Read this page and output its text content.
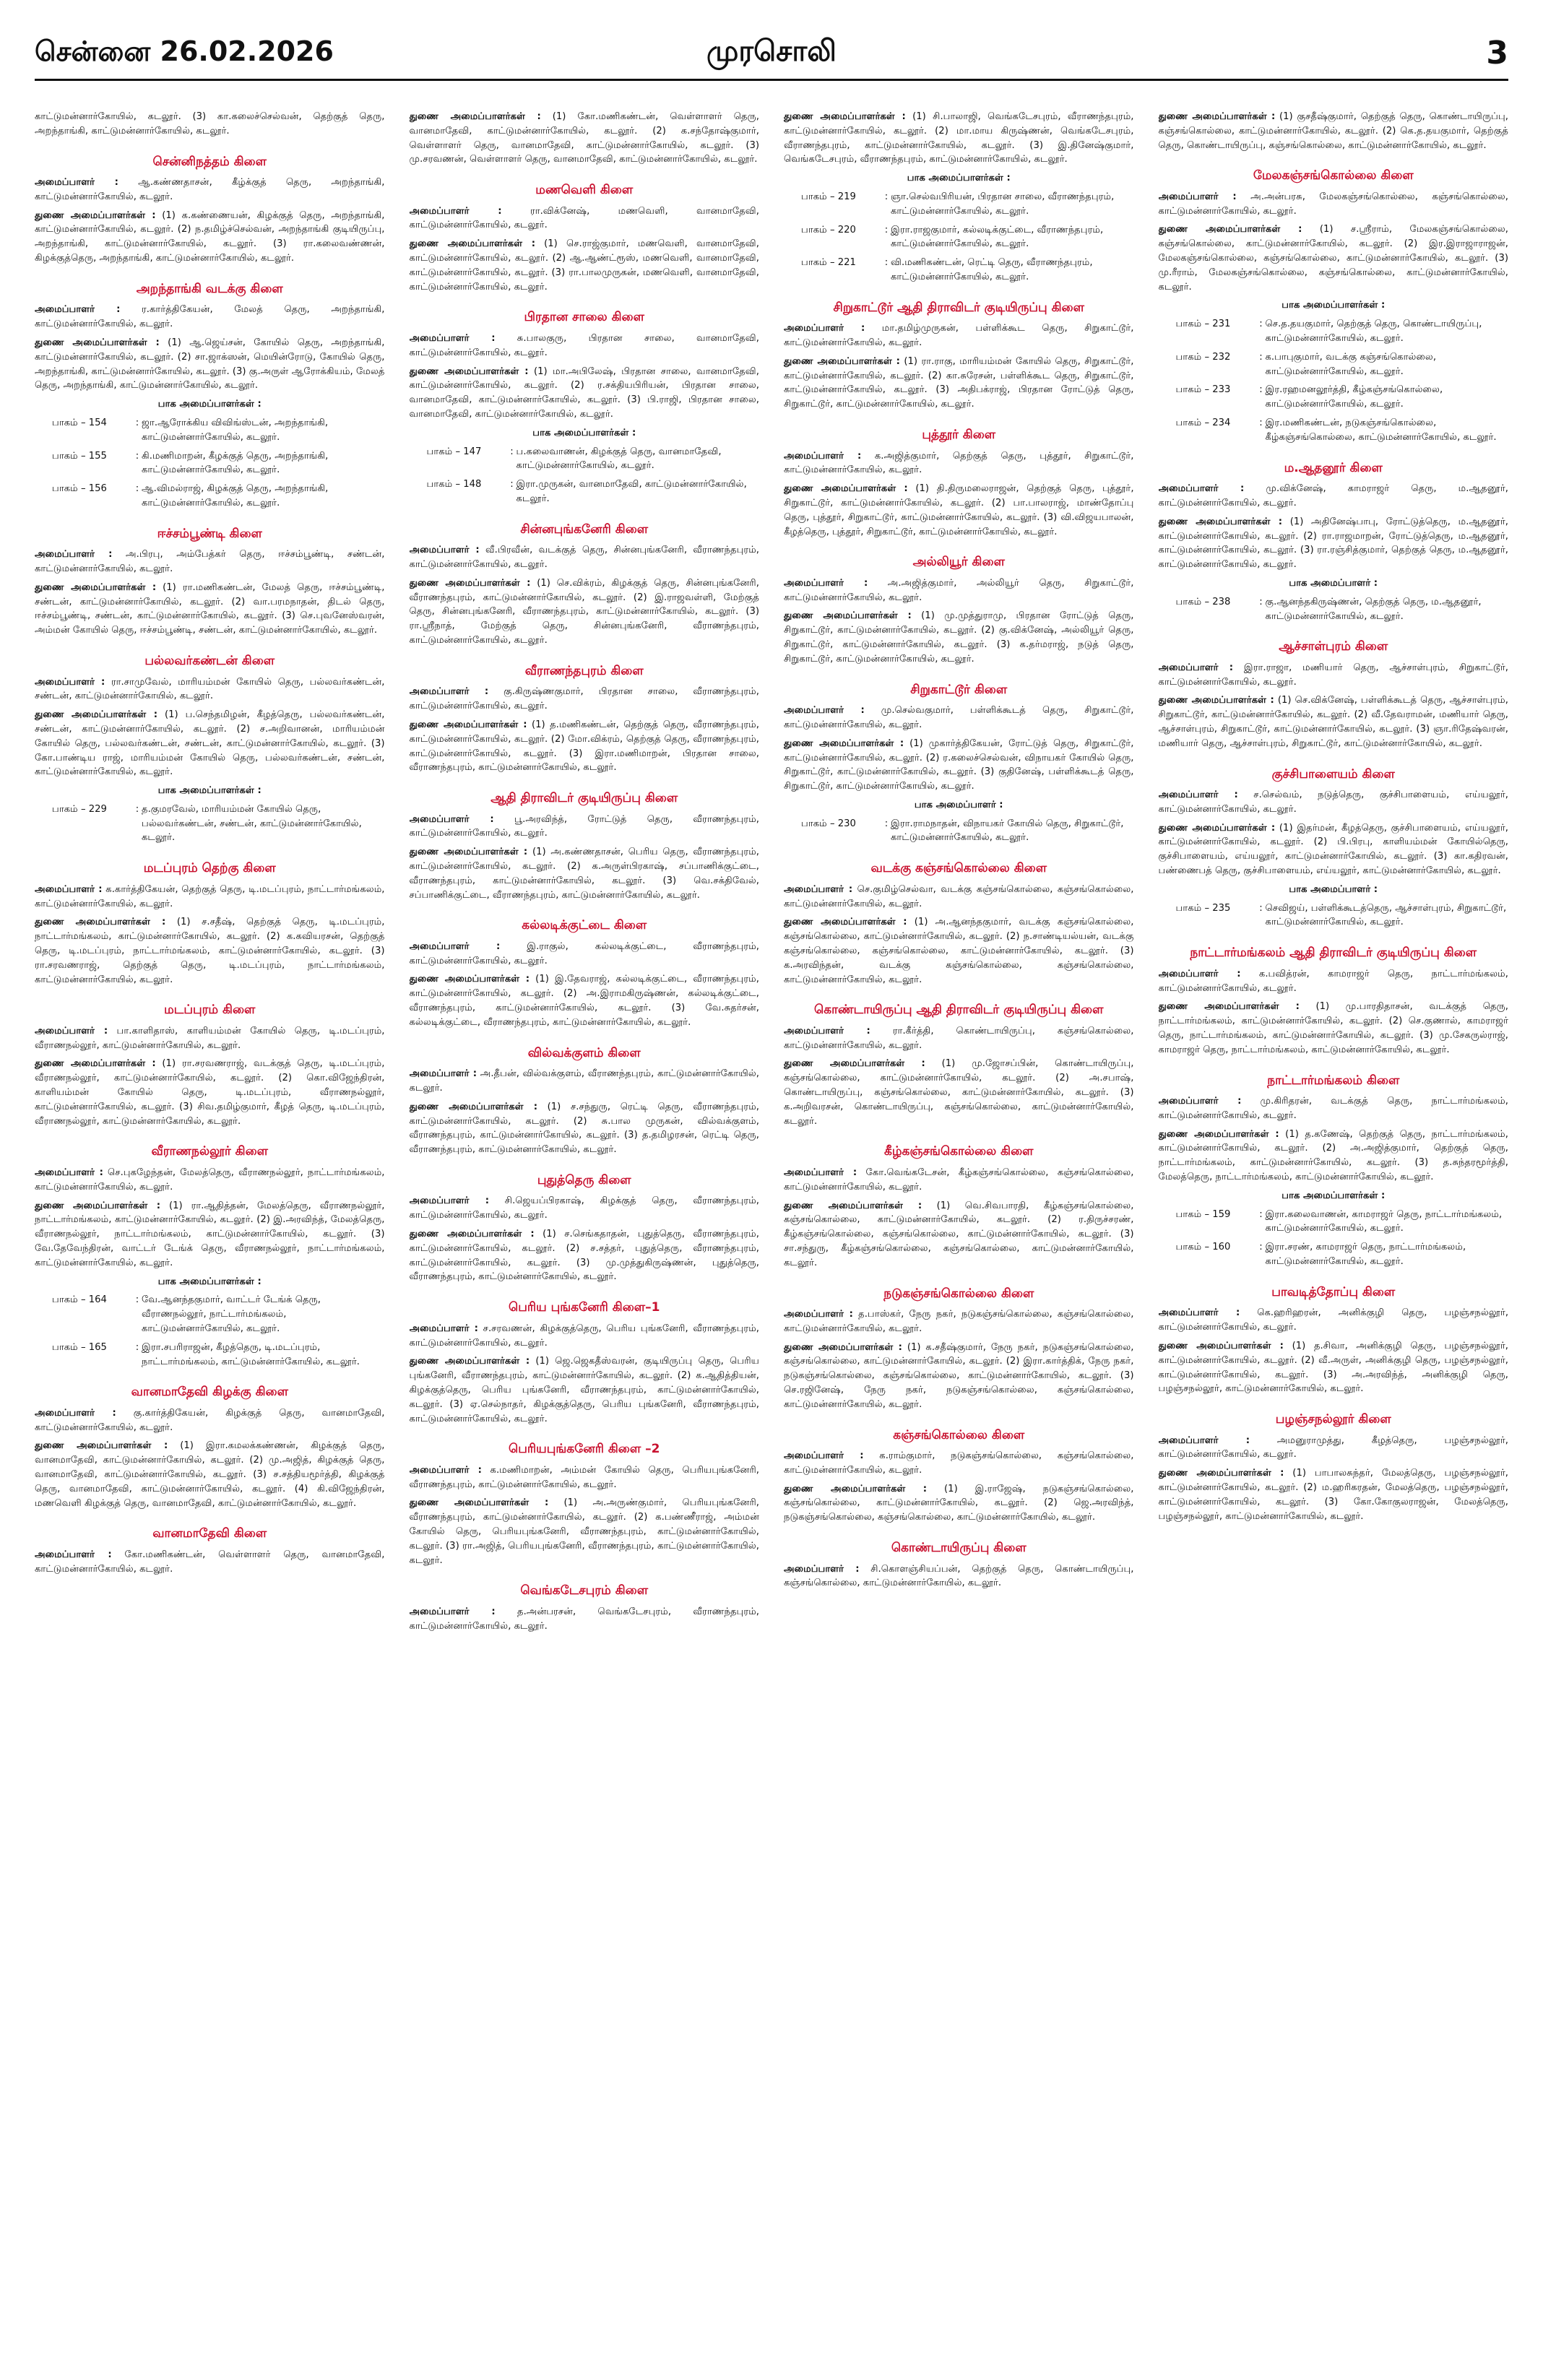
சென்னை 26.02.2026	முரசொலி	3

காட்டுமன்னார்கோயில், கடலூர். (3) கா.கலைச்செல்வன், தெற்குத் தெரு, அறந்தாங்கி, காட்டுமன்னார்கோயில், கடலூர்.

சென்னிநத்தம் கிளை

அமைப்பாளர் : ஆ.கண்ணதாசன், கீழ்க்குத் தெரு, அறந்தாங்கி, காட்டுமன்னார்கோயில், கடலூர்.

துணை அமைப்பாளர்கள் : (1) க.கண்ணையன், கிழக்குத் தெரு, அறந்தாங்கி, காட்டுமன்னார்கோயில், கடலூர். (2) ந.தமிழ்ச்செல்வன், அறந்தாங்கி குடியிருப்பு, அறந்தாங்கி, காட்டுமன்னார்கோயில், கடலூர். (3) ரா.கலைவண்ணன், கிழக்குத்தெரு, அறந்தாங்கி, காட்டுமன்னார்கோயில், கடலூர்.

அறந்தாங்கி வடக்கு கிளை

அமைப்பாளர் : ர.கார்த்திகேயன், மேலத் தெரு, அறந்தாங்கி, காட்டுமன்னார்கோயில், கடலூர்.

துணை அமைப்பாளர்கள் : (1) ஆ.ஜெய்சன், கோயில் தெரு, அறந்தாங்கி, காட்டுமன்னார்கோயில், கடலூர். (2) சா.ஜாக்ஸன், மெயின்ரோடு, கோயில் தெரு, அறந்தாங்கி, காட்டுமன்னார்கோயில், கடலூர். (3) கு.அருள் ஆரோக்கியம், மேலத் தெரு, அறந்தாங்கி, காட்டுமன்னார்கோயில், கடலூர்.

பாக அமைப்பாளர்கள் :
பாகம் – 154	: ஜா.ஆரோக்கிய விவிங்ஸ்டன், அறந்தாங்கி, காட்டுமன்னார்கோயில், கடலூர்.
பாகம் – 155	: கி.மணிமாறன், கீழக்குத் தெரு, அறந்தாங்கி, காட்டுமன்னார்கோயில், கடலூர்.
பாகம் – 156	: ஆ.விமல்ராஜ், கிழக்குத் தெரு, அறந்தாங்கி, காட்டுமன்னார்கோயில், கடலூர்.
ஈச்சம்பூண்டி கிளை

அமைப்பாளர் : அ.பிரபு, அம்பேத்கர் தெரு, ஈச்சம்பூண்டி, சண்டன், காட்டுமன்னார்கோயில், கடலூர்.

துணை அமைப்பாளர்கள் : (1) ரா.மணிகண்டன், மேலத் தெரு, ஈச்சம்பூண்டி, சண்டன், காட்டுமன்னார்கோயில், கடலூர். (2) வா.பரமநாதன், திடல் தெரு, ஈச்சம்பூண்டி, சண்டன், காட்டுமன்னார்கோயில், கடலூர். (3) செ.புவனேஸ்வரன், அம்மன் கோயில் தெரு, ஈச்சம்பூண்டி, சண்டன், காட்டுமன்னார்கோயில், கடலூர்.

பல்லவர்கண்டன் கிளை

அமைப்பாளர் : ரா.சாமுவேல், மாரியம்மன் கோயில் தெரு, பல்லவர்கண்டன், சண்டன், காட்டுமன்னார்கோயில், கடலூர்.

துணை அமைப்பாளர்கள் : (1) ப.செந்தமிழன், கீழத்தெரு, பல்லவர்கண்டன், சண்டன், காட்டுமன்னார்கோயில், கடலூர். (2) ச.அறிவானன், மாரியம்மன் கோயில் தெரு, பல்லவர்கண்டன், சண்டன், காட்டுமன்னார்கோயில், கடலூர். (3) கோ.பாண்டிய ராஜ், மாரியம்மன் கோயில் தெரு, பல்லவர்கண்டன், சண்டன், காட்டுமன்னார்கோயில், கடலூர்.

பாக அமைப்பாளர்கள் :
பாகம் – 229	: த.குமரவேல், மாரியம்மன் கோயில் தெரு, பல்லவர்கண்டன், சண்டன், காட்டுமன்னார்கோயில், கடலூர்.
மடப்புரம் தெற்கு கிளை

அமைப்பாளர் : க.கார்த்திகேயன், தெற்குத் தெரு, டி.மடப்புரம், நாட்டார்மங்கலம், காட்டுமன்னார்கோயில், கடலூர்.

துணை அமைப்பாளர்கள் : (1) ச.சதீஷ், தெற்குத் தெரு, டி.மடப்புரம், நாட்டார்மங்கலம், காட்டுமன்னார்கோயில், கடலூர். (2) க.கவியரசன், தெற்குத் தெரு, டி.மடப்புரம், நாட்டார்மங்கலம், காட்டுமன்னார்கோயில், கடலூர். (3) ரா.சரவணராஜ், தெற்குத் தெரு, டி.மடப்புரம், நாட்டார்மங்கலம், காட்டுமன்னார்கோயில், கடலூர்.

மடப்புரம் கிளை

அமைப்பாளர் : பா.காளிதாஸ், காளியம்மன் கோயில் தெரு, டி.மடப்புரம், வீராணநல்லூர், காட்டுமன்னார்கோயில், கடலூர்.

துணை அமைப்பாளர்கள் : (1) ரா.சரவணராஜ், வடக்குத் தெரு, டி.மடப்புரம், வீராணநல்லூர், காட்டுமன்னார்கோயில், கடலூர். (2) கொ.விஜேந்திரன், காளியம்மன் கோயில் தெரு, டி.மடப்புரம், வீராணநல்லூர், காட்டுமன்னார்கோயில், கடலூர். (3) சிவ.தமிழ்குமார், கீழத் தெரு, டி.மடப்புரம், வீராணநல்லூர், காட்டுமன்னார்கோயில், கடலூர்.

வீராணநல்லூர் கிளை

அமைப்பாளர் : செ.புகழேந்தன், மேலத்தெரு, வீராணநல்லூர், நாட்டார்மங்கலம், காட்டுமன்னார்கோயில், கடலூர்.

துணை அமைப்பாளர்கள் : (1) ரா.ஆதித்தன், மேலத்தெரு, வீராணநல்லூர், நாட்டார்மங்கலம், காட்டுமன்னார்கோயில், கடலூர். (2) இ.அரவிந்த், மேலத்தெரு, வீராணநல்லூர், நாட்டார்மங்கலம், காட்டுமன்னார்கோயில், கடலூர். (3) வே.தேவேந்திரன், வாட்டர் டேங்க் தெரு, வீராணநல்லூர், நாட்டார்மங்கலம், காட்டுமன்னார்கோயில், கடலூர்.

பாக அமைப்பாளர்கள் :
பாகம் – 164	: வே.ஆனந்தகுமார், வாட்டர் டேங்க் தெரு, வீராணநல்லூர், நாட்டார்மங்கலம், காட்டுமன்னார்கோயில், கடலூர்.
பாகம் – 165	: இரா.சபரிராஜன், கீழத்தெரு, டி.மடப்புரம், நாட்டார்மங்கலம், காட்டுமன்னார்கோயில், கடலூர்.
வானமாதேவி கிழக்கு கிளை

அமைப்பாளர் : கு.கார்த்திகேயன், கிழக்குத் தெரு, வானமாதேவி, காட்டுமன்னார்கோயில், கடலூர்.

துணை அமைப்பாளர்கள் : (1) இரா.கமலக்கண்ணன், கிழக்குத் தெரு, வானமாதேவி, காட்டுமன்னார்கோயில், கடலூர். (2) மு.அஜித், கிழக்குத் தெரு, வானமாதேவி, காட்டுமன்னார்கோயில், கடலூர். (3) ச.சத்தியமூர்த்தி, கிழக்குத் தெரு, வானமாதேவி, காட்டுமன்னார்கோயில், கடலூர். (4) கி.விஜேந்திரன், மணவெளி கிழக்குத் தெரு, வானமாதேவி, காட்டுமன்னார்கோயில், கடலூர்.

வானமாதேவி கிளை

அமைப்பாளர் : கோ.மணிகண்டன், வெள்ளாளர் தெரு, வானமாதேவி, காட்டுமன்னார்கோயில், கடலூர்.

துணை அமைப்பாளர்கள் : (1) கோ.மணிகண்டன், வெள்ளாளர் தெரு, வானமாதேவி, காட்டுமன்னார்கோயில், கடலூர். (2) க.சந்தோஷ்குமார், வெள்ளாளர் தெரு, வானமாதேவி, காட்டுமன்னார்கோயில், கடலூர். (3) மு.சரவணன், வெள்ளாளர் தெரு, வானமாதேவி, காட்டுமன்னார்கோயில், கடலூர்.

மணவெளி கிளை

அமைப்பாளர் : ரா.விக்னேஷ், மணவெளி, வானமாதேவி, காட்டுமன்னார்கோயில், கடலூர்.

துணை அமைப்பாளர்கள் : (1) செ.ராஜ்குமார், மணவெளி, வானமாதேவி, காட்டுமன்னார்கோயில், கடலூர். (2) ஆ.ஆண்ட்ரூஸ், மணவெளி, வானமாதேவி, காட்டுமன்னார்கோயில், கடலூர். (3) ரா.பாலமுருகன், மணவெளி, வானமாதேவி, காட்டுமன்னார்கோயில், கடலூர்.

பிரதான சாலை கிளை

அமைப்பாளர் : சு.பாலகுரு, பிரதான சாலை, வானமாதேவி, காட்டுமன்னார்கோயில், கடலூர்.

துணை அமைப்பாளர்கள் : (1) மா.அபிலேஷ், பிரதான சாலை, வானமாதேவி, காட்டுமன்னார்கோயில், கடலூர். (2) ர.சக்தியபிரியன், பிரதான சாலை, வானமாதேவி, காட்டுமன்னார்கோயில், கடலூர். (3) பி.ராஜி, பிரதான சாலை, வானமாதேவி, காட்டுமன்னார்கோயில், கடலூர்.

பாக அமைப்பாளர்கள் :
பாகம் – 147	: ப.கலைவாணன், கிழக்குத் தெரு, வானமாதேவி, காட்டுமன்னார்கோயில், கடலூர்.
பாகம் – 148	: இரா.முருகன், வானமாதேவி, காட்டுமன்னார்கோயில், கடலூர்.
சின்னபுங்கனேரி கிளை

அமைப்பாளர் : வீ.பிரவீன், வடக்குத் தெரு, சின்னபுங்கனேரி, வீராணந்தபுரம், காட்டுமன்னார்கோயில், கடலூர்.

துணை அமைப்பாளர்கள் : (1) செ.விக்ரம், கிழக்குத் தெரு, சின்னபுங்கனேரி, வீராணந்தபுரம், காட்டுமன்னார்கோயில், கடலூர். (2) இ.ராஜவள்ளி, மேற்குத் தெரு, சின்னபுங்கனேரி, வீராணந்தபுரம், காட்டுமன்னார்கோயில், கடலூர். (3) ரா.ஸ்ரீநாத், மேற்குத் தெரு, சின்னபுங்கனேரி, வீராணந்தபுரம், காட்டுமன்னார்கோயில், கடலூர்.

வீராணந்தபுரம் கிளை

அமைப்பாளர் : கு.கிருஷ்ணகுமார், பிரதான சாலை, வீராணந்தபுரம், காட்டுமன்னார்கோயில், கடலூர்.

துணை அமைப்பாளர்கள் : (1) த.மணிகண்டன், தெற்குத் தெரு, வீராணந்தபுரம், காட்டுமன்னார்கோயில், கடலூர். (2) மோ.விக்ரம், தெற்குத் தெரு, வீராணந்தபுரம், காட்டுமன்னார்கோயில், கடலூர். (3) இரா.மணிமாறன், பிரதான சாலை, வீராணந்தபுரம், காட்டுமன்னார்கோயில், கடலூர்.

ஆதி திராவிடர் குடியிருப்பு கிளை

அமைப்பாளர் : பூ.அரவிந்த், ரோட்டுத் தெரு, வீராணந்தபுரம், காட்டுமன்னார்கோயில், கடலூர்.

துணை அமைப்பாளர்கள் : (1) அ.கண்ணதாசன், பெரிய தெரு, வீராணந்தபுரம், காட்டுமன்னார்கோயில், கடலூர். (2) க.அருள்பிரகாஷ், சப்பாணிக்குட்டை, வீராணந்தபுரம், காட்டுமன்னார்கோயில், கடலூர். (3) வெ.சக்திவேல், சப்பாணிக்குட்டை, வீராணந்தபுரம், காட்டுமன்னார்கோயில், கடலூர்.

கல்லடிக்குட்டை கிளை

அமைப்பாளர் : இ.ராகுல், கல்லடிக்குட்டை, வீராணந்தபுரம், காட்டுமன்னார்கோயில், கடலூர்.

துணை அமைப்பாளர்கள் : (1) இ.தேவராஜ், கல்லடிக்குட்டை, வீராணந்தபுரம், காட்டுமன்னார்கோயில், கடலூர். (2) அ.இராமகிருஷ்ணன், கல்லடிக்குட்டை, வீராணந்தபுரம், காட்டுமன்னார்கோயில், கடலூர். (3) வே.சுதர்சன், கல்லடிக்குட்டை, வீராணந்தபுரம், காட்டுமன்னார்கோயில், கடலூர்.

வில்வக்குளம் கிளை

அமைப்பாளர் : அ.தீபன், வில்வக்குளம், வீராணந்தபுரம், காட்டுமன்னார்கோயில், கடலூர்.

துணை அமைப்பாளர்கள் : (1) ச.சந்துரு, ரெட்டி தெரு, வீராணந்தபுரம், காட்டுமன்னார்கோயில், கடலூர். (2) சு.பால முருகன், வில்வக்குளம், வீராணந்தபுரம், காட்டுமன்னார்கோயில், கடலூர். (3) த.தமிழரசன், ரெட்டி தெரு, வீராணந்தபுரம், காட்டுமன்னார்கோயில், கடலூர்.

புதுத்தெரு கிளை

அமைப்பாளர் : சி.ஜெயப்பிரகாஷ், கிழக்குத் தெரு, வீராணந்தபுரம், காட்டுமன்னார்கோயில், கடலூர்.

துணை அமைப்பாளர்கள் : (1) ச.செங்கதாதன், புதுத்தெரு, வீராணந்தபுரம், காட்டுமன்னார்கோயில், கடலூர். (2) ச.சத்தர், புதுத்தெரு, வீராணந்தபுரம், காட்டுமன்னார்கோயில், கடலூர். (3) மு.முத்துகிருஷ்ணன், புதுத்தெரு, வீராணந்தபுரம், காட்டுமன்னார்கோயில், கடலூர்.

பெரிய புங்கனேரி கிளை–1

அமைப்பாளர் : ச.சரவணன், கிழக்குத்தெரு, பெரிய புங்கனேரி, வீராணந்தபுரம், காட்டுமன்னார்கோயில், கடலூர்.

துணை அமைப்பாளர்கள் : (1) ஜெ.ஜெகதீஸ்வரன், குடியிருப்பு தெரு, பெரிய புங்கனேரி, வீராணந்தபுரம், காட்டுமன்னார்கோயில், கடலூர். (2) க.ஆதித்தியன், கிழக்குத்தெரு, பெரிய புங்கனேரி, வீராணந்தபுரம், காட்டுமன்னார்கோயில், கடலூர். (3) ஏ.செல்நாதர், கிழக்குத்தெரு, பெரிய புங்கனேரி, வீராணந்தபுரம், காட்டுமன்னார்கோயில், கடலூர்.

பெரியபுங்கனேரி கிளை –2

அமைப்பாளர் : க.மணிமாறன், அம்மன் கோயில் தெரு, பெரியபுங்கனேரி, வீராணந்தபுரம், காட்டுமன்னார்கோயில், கடலூர்.

துணை அமைப்பாளர்கள் : (1) அ.அருண்குமார், பெரியபுங்கனேரி, வீராணந்தபுரம், காட்டுமன்னார்கோயில், கடலூர். (2) க.பண்ணீராஜ், அம்மன் கோயில் தெரு, பெரியபுங்கனேரி, வீராணந்தபுரம், காட்டுமன்னார்கோயில், கடலூர். (3) ரா.அஜித், பெரியபுங்கனேரி, வீராணந்தபுரம், காட்டுமன்னார்கோயில், கடலூர்.

வெங்கடேசபுரம் கிளை

அமைப்பாளர் : த.அன்பரசன், வெங்கடேசபுரம், வீராணந்தபுரம், காட்டுமன்னார்கோயில், கடலூர்.

துணை அமைப்பாளர்கள் : (1) சி.பாலாஜி, வெங்கடேசபுரம், வீராணந்தபுரம், காட்டுமன்னார்கோயில், கடலூர். (2) மா.மாய கிருஷ்ணன், வெங்கடேசபுரம், வீராணந்தபுரம், காட்டுமன்னார்கோயில், கடலூர். (3) இ.தினேஷ்குமார், வெங்கடேசபுரம், வீராணந்தபுரம், காட்டுமன்னார்கோயில், கடலூர்.

பாக அமைப்பாளர்கள் :
பாகம் – 219	: ஞா.செல்வபிரியன், பிரதான சாலை, வீராணந்தபுரம், காட்டுமன்னார்கோயில், கடலூர்.
பாகம் – 220	: இரா.ராஜகுமார், கல்லடிக்குட்டை, வீராணந்தபுரம், காட்டுமன்னார்கோயில், கடலூர்.
பாகம் – 221	: வி.மணிகண்டன், ரெட்டி தெரு, வீராணந்தபுரம், காட்டுமன்னார்கோயில், கடலூர்.
சிறுகாட்டூர் ஆதி திராவிடர் குடியிருப்பு கிளை

அமைப்பாளர் : மா.தமிழ்முருகன், பள்ளிக்கூட தெரு, சிறுகாட்டூர், காட்டுமன்னார்கோயில், கடலூர்.

துணை அமைப்பாளர்கள் : (1) ரா.ராகு, மாரியம்மன் கோயில் தெரு, சிறுகாட்டூர், காட்டுமன்னார்கோயில், கடலூர். (2) கா.சுரேசன், பள்ளிக்கூட தெரு, சிறுகாட்டூர், காட்டுமன்னார்கோயில், கடலூர். (3) அதிபக்ராஜ், பிரதான ரோட்டுத் தெரு, சிறுகாட்டூர், காட்டுமன்னார்கோயில், கடலூர்.

புத்தூர் கிளை

அமைப்பாளர் : க.அஜித்குமார், தெற்குத் தெரு, புத்தூர், சிறுகாட்டூர், காட்டுமன்னார்கோயில், கடலூர்.

துணை அமைப்பாளர்கள் : (1) தி.திருமலைராஜன், தெற்குத் தெரு, புத்தூர், சிறுகாட்டூர், காட்டுமன்னார்கோயில், கடலூர். (2) பா.பாலராஜ், மாண்தோப்பு தெரு, புத்தூர், சிறுகாட்டூர், காட்டுமன்னார்கோயில், கடலூர். (3) வி.விஜயபாலன், கீழத்தெரு, புத்தூர், சிறுகாட்டூர், காட்டுமன்னார்கோயில், கடலூர்.

அல்லியூர் கிளை

அமைப்பாளர் : அ.அஜித்குமார், அல்லியூர் தெரு, சிறுகாட்டூர், காட்டுமன்னார்கோயில், கடலூர்.

துணை அமைப்பாளர்கள் : (1) மு.முத்துராமு, பிரதான ரோட்டுத் தெரு, சிறுகாட்டூர், காட்டுமன்னார்கோயில், கடலூர். (2) கு.விக்னேஷ், அல்லியூர் தெரு, சிறுகாட்டூர், காட்டுமன்னார்கோயில், கடலூர். (3) க.தர்மராஜ், நடுத் தெரு, சிறுகாட்டூர், காட்டுமன்னார்கோயில், கடலூர்.

சிறுகாட்டூர் கிளை

அமைப்பாளர் : மு.செல்வகுமார், பள்ளிக்கூடத் தெரு, சிறுகாட்டூர், காட்டுமன்னார்கோயில், கடலூர்.

துணை அமைப்பாளர்கள் : (1) முகார்த்திகேயன், ரோட்டுத் தெரு, சிறுகாட்டூர், காட்டுமன்னார்கோயில், கடலூர். (2) ர.கலைச்செல்வன், விநாயகர் கோயில் தெரு, சிறுகாட்டூர், காட்டுமன்னார்கோயில், கடலூர். (3) குதினேஷ், பள்ளிக்கூடத் தெரு, சிறுகாட்டூர், காட்டுமன்னார்கோயில், கடலூர்.

பாக அமைப்பாளர் :
பாகம் – 230	: இரா.ராமநாதன், விநாயகர் கோயில் தெரு, சிறுகாட்டூர், காட்டுமன்னார்கோயில், கடலூர்.
வடக்கு கஞ்சங்கொல்லை கிளை

அமைப்பாளர் : செ.குமிழ்செல்வா, வடக்கு கஞ்சங்கொல்லை, கஞ்சங்கொல்லை, காட்டுமன்னார்கோயில், கடலூர்.

துணை அமைப்பாளர்கள் : (1) அ.ஆனந்தகுமார், வடக்கு கஞ்சங்கொல்லை, கஞ்சங்கொல்லை, காட்டுமன்னார்கோயில், கடலூர். (2) ந.சாண்டியல்யன், வடக்கு கஞ்சங்கொல்லை, கஞ்சங்கொல்லை, காட்டுமன்னார்கோயில், கடலூர். (3) க.அரவிந்தன், வடக்கு கஞ்சங்கொல்லை, கஞ்சங்கொல்லை, காட்டுமன்னார்கோயில், கடலூர்.

கொண்டாயிருப்பு ஆதி திராவிடர் குடியிருப்பு கிளை

அமைப்பாளர் : ரா.கீர்த்தி, கொண்டாயிருப்பு, கஞ்சங்கொல்லை, காட்டுமன்னார்கோயில், கடலூர்.

துணை அமைப்பாளர்கள் : (1) மு.ஜோசப்பின், கொண்டாயிருப்பு, கஞ்சங்கொல்லை, காட்டுமன்னார்கோயில், கடலூர். (2) அ.சபாஷ், கொண்டாயிருப்பு, கஞ்சங்கொல்லை, காட்டுமன்னார்கோயில், கடலூர். (3) க.அறிவரசன், கொண்டாயிருப்பு, கஞ்சங்கொல்லை, காட்டுமன்னார்கோயில், கடலூர்.

கீழ்கஞ்சங்கொல்லை கிளை

அமைப்பாளர் : கோ.வெங்கடேசன், கீழ்கஞ்சங்கொல்லை, கஞ்சங்கொல்லை, காட்டுமன்னார்கோயில், கடலூர்.

துணை அமைப்பாளர்கள் : (1) வெ.சிவபாரதி, கீழ்கஞ்சங்கொல்லை, கஞ்சங்கொல்லை, காட்டுமன்னார்கோயில், கடலூர். (2) ர.திருச்சரண், கீழ்கஞ்சங்கொல்லை, கஞ்சங்கொல்லை, காட்டுமன்னார்கோயில், கடலூர். (3) சா.சந்துரு, கீழ்கஞ்சங்கொல்லை, கஞ்சங்கொல்லை, காட்டுமன்னார்கோயில், கடலூர்.

நடுகஞ்சங்கொல்லை கிளை

அமைப்பாளர் : த.பாஸ்கர், நேரு நகர், நடுகஞ்சங்கொல்லை, கஞ்சங்கொல்லை, காட்டுமன்னார்கோயில், கடலூர்.

துணை அமைப்பாளர்கள் : (1) க.சதீஷ்குமார், நேரு நகர், நடுகஞ்சங்கொல்லை, கஞ்சங்கொல்லை, காட்டுமன்னார்கோயில், கடலூர். (2) இரா.கார்த்திக், நேரு நகர், நடுகஞ்சங்கொல்லை, கஞ்சங்கொல்லை, காட்டுமன்னார்கோயில், கடலூர். (3) செ.ரஜினேஷ், நேரு நகர், நடுகஞ்சங்கொல்லை, கஞ்சங்கொல்லை, காட்டுமன்னார்கோயில், கடலூர்.

கஞ்சங்கொல்லை கிளை

அமைப்பாளர் : க.ராம்குமார், நடுகஞ்சங்கொல்லை, கஞ்சங்கொல்லை, காட்டுமன்னார்கோயில், கடலூர்.

துணை அமைப்பாளர்கள் : (1) இ.ராஜேஷ், நடுகஞ்சங்கொல்லை, கஞ்சங்கொல்லை, காட்டுமன்னார்கோயில், கடலூர். (2) ஜெ.அரவிந்த், நடுகஞ்சங்கொல்லை, கஞ்சங்கொல்லை, காட்டுமன்னார்கோயில், கடலூர்.

கொண்டாயிருப்பு கிளை

அமைப்பாளர் : சி.கொளஞ்சியப்பன், தெற்குத் தெரு, கொண்டாயிருப்பு, கஞ்சங்கொல்லை, காட்டுமன்னார்கோயில், கடலூர்.

துணை அமைப்பாளர்கள் : (1) குசதீஷ்குமார், தெற்குத் தெரு, கொண்டாயிருப்பு, கஞ்சங்கொல்லை, காட்டுமன்னார்கோயில், கடலூர். (2) கெ.த.தயகுமார், தெற்குத் தெரு, கொண்டாயிருப்பு, கஞ்சங்கொல்லை, காட்டுமன்னார்கோயில், கடலூர்.

மேலகஞ்சங்கொல்லை கிளை

அமைப்பாளர் : அ.அன்பரசு, மேலகஞ்சங்கொல்லை, கஞ்சங்கொல்லை, காட்டுமன்னார்கோயில், கடலூர்.

துணை அமைப்பாளர்கள் : (1) ச.ஸ்ரீராம், மேலகஞ்சங்கொல்லை, கஞ்சங்கொல்லை, காட்டுமன்னார்கோயில், கடலூர். (2) இர.இராஜாராஜன், மேலகஞ்சங்கொல்லை, கஞ்சங்கொல்லை, காட்டுமன்னார்கோயில், கடலூர். (3) மு.ரீராம், மேலகஞ்சங்கொல்லை, கஞ்சங்கொல்லை, காட்டுமன்னார்கோயில், கடலூர்.

பாக அமைப்பாளர்கள் :
பாகம் – 231	: செ.த.தயகுமார், தெற்குத் தெரு, கொண்டாயிருப்பு, காட்டுமன்னார்கோயில், கடலூர்.
பாகம் – 232	: க.பாபுகுமார், வடக்கு கஞ்சங்கொல்லை, காட்டுமன்னார்கோயில், கடலூர்.
பாகம் – 233	: இர.ரஹமனலூர்த்தி, கீழ்கஞ்சங்கொல்லை, காட்டுமன்னார்கோயில், கடலூர்.
பாகம் – 234	: இர.மணிகண்டன், நடுகஞ்சங்கொல்லை, கீழ்கஞ்சங்கொல்லை, காட்டுமன்னார்கோயில், கடலூர்.
ம.ஆதனூர் கிளை

அமைப்பாளர் : மு.விக்னேஷ், காமராஜர் தெரு, ம.ஆதனூர், காட்டுமன்னார்கோயில், கடலூர்.

துணை அமைப்பாளர்கள் : (1) அதினேஷ்பாபு, ரோட்டுத்தெரு, ம.ஆதனூர், காட்டுமன்னார்கோயில், கடலூர். (2) ரா.ராஜமாறன், ரோட்டுத்தெரு, ம.ஆதனூர், காட்டுமன்னார்கோயில், கடலூர். (3) ரா.ரஞ்சித்குமார், தெற்குத் தெரு, ம.ஆதனூர், காட்டுமன்னார்கோயில், கடலூர்.

பாக அமைப்பாளர் :
பாகம் – 238	: கு.ஆனந்தகிருஷ்ணன், தெற்குத் தெரு, ம.ஆதனூர், காட்டுமன்னார்கோயில், கடலூர்.
ஆச்சாள்புரம் கிளை

அமைப்பாளர் : இரா.ராஜா, மணியார் தெரு, ஆச்சாள்புரம், சிறுகாட்டூர், காட்டுமன்னார்கோயில், கடலூர்.

துணை அமைப்பாளர்கள் : (1) செ.விக்னேஷ், பள்ளிக்கூடத் தெரு, ஆச்சாள்புரம், சிறுகாட்டூர், காட்டுமன்னார்கோயில், கடலூர். (2) வீ.தேவராமன், மணியார் தெரு, ஆச்சாள்புரம், சிறுகாட்டூர், காட்டுமன்னார்கோயில், கடலூர். (3) ஞா.ரிதேஷ்வரன், மணியார் தெரு, ஆச்சாள்புரம், சிறுகாட்டூர், காட்டுமன்னார்கோயில், கடலூர்.

குச்சிபாளையம் கிளை

அமைப்பாளர் : ச.செல்வம், நடுத்தெரு, குச்சிபாளையம், எய்யலூர், காட்டுமன்னார்கோயில், கடலூர்.

துணை அமைப்பாளர்கள் : (1) இதர்மன், கீழத்தெரு, குச்சிபாளையம், எய்யலூர், காட்டுமன்னார்கோயில், கடலூர். (2) பி.பிரபு, காளியம்மன் கோயில்தெரு, குச்சிபாளையம், எய்யலூர், காட்டுமன்னார்கோயில், கடலூர். (3) கா.கதிரவன், பண்ணைபத் தெரு, குச்சிபாளையம், எய்யலூர், காட்டுமன்னார்கோயில், கடலூர்.

பாக அமைப்பாளர் :
பாகம் – 235	: செவிஜய், பள்ளிக்கூடத்தெரு, ஆச்சாள்புரம், சிறுகாட்டூர், காட்டுமன்னார்கோயில், கடலூர்.
நாட்டார்மங்கலம் ஆதி திராவிடர் குடியிருப்பு கிளை

அமைப்பாளர் : க.பவித்ரன், காமராஜர் தெரு, நாட்டார்மங்கலம், காட்டுமன்னார்கோயில், கடலூர்.

துணை அமைப்பாளர்கள் : (1) மு.பாரதிதாசன், வடக்குத் தெரு, நாட்டார்மங்கலம், காட்டுமன்னார்கோயில், கடலூர். (2) செ.குணால், காமராஜர் தெரு, நாட்டார்மங்கலம், காட்டுமன்னார்கோயில், கடலூர். (3) மு.சேகருல்ராஜ், காமராஜர் தெரு, நாட்டார்மங்கலம், காட்டுமன்னார்கோயில், கடலூர்.

நாட்டார்மங்கலம் கிளை

அமைப்பாளர் : மு.கிரிதரன், வடக்குத் தெரு, நாட்டார்மங்கலம், காட்டுமன்னார்கோயில், கடலூர்.

துணை அமைப்பாளர்கள் : (1) த.கணேஷ், தெற்குத் தெரு, நாட்டார்மங்கலம், காட்டுமன்னார்கோயில், கடலூர். (2) அ.அஜித்குமார், தெற்குத் தெரு, நாட்டார்மங்கலம், காட்டுமன்னார்கோயில், கடலூர். (3) த.சுந்தரமூர்த்தி, மேலத்தெரு, நாட்டார்மங்கலம், காட்டுமன்னார்கோயில், கடலூர்.

பாக அமைப்பாளர்கள் :
பாகம் – 159	: இரா.கலைவாணன், காமராஜர் தெரு, நாட்டார்மங்கலம், காட்டுமன்னார்கோயில், கடலூர்.
பாகம் – 160	: இரா.சரண், காமராஜர் தெரு, நாட்டார்மங்கலம், காட்டுமன்னார்கோயில், கடலூர்.
பாவடித்தோப்பு கிளை

அமைப்பாளர் : கெ.ஹரிஹரன், அனிக்குழி தெரு, பழஞ்சநல்லூர், காட்டுமன்னார்கோயில், கடலூர்.

துணை அமைப்பாளர்கள் : (1) த.சிவா, அனிக்குழி தெரு, பழஞ்சநல்லூர், காட்டுமன்னார்கோயில், கடலூர். (2) வீ.அருள், அனிக்குழி தெரு, பழஞ்சநல்லூர், காட்டுமன்னார்கோயில், கடலூர். (3) அ.அரவிந்த், அனிக்குழி தெரு, பழஞ்சநல்லூர், காட்டுமன்னார்கோயில், கடலூர்.

பழஞ்சநல்லூர் கிளை

அமைப்பாளர் : அமனுராமுத்து, கீழத்தெரு, பழஞ்சநல்லூர், காட்டுமன்னார்கோயில், கடலூர்.

துணை அமைப்பாளர்கள் : (1) பாபாலசுந்தர், மேலத்தெரு, பழஞ்சநல்லூர், காட்டுமன்னார்கோயில், கடலூர். (2) ம.ஹரிகரதன், மேலத்தெரு, பழஞ்சநல்லூர், காட்டுமன்னார்கோயில், கடலூர். (3) கோ.கோகுலராஜன், மேலத்தெரு, பழஞ்சநல்லூர், காட்டுமன்னார்கோயில், கடலூர்.
